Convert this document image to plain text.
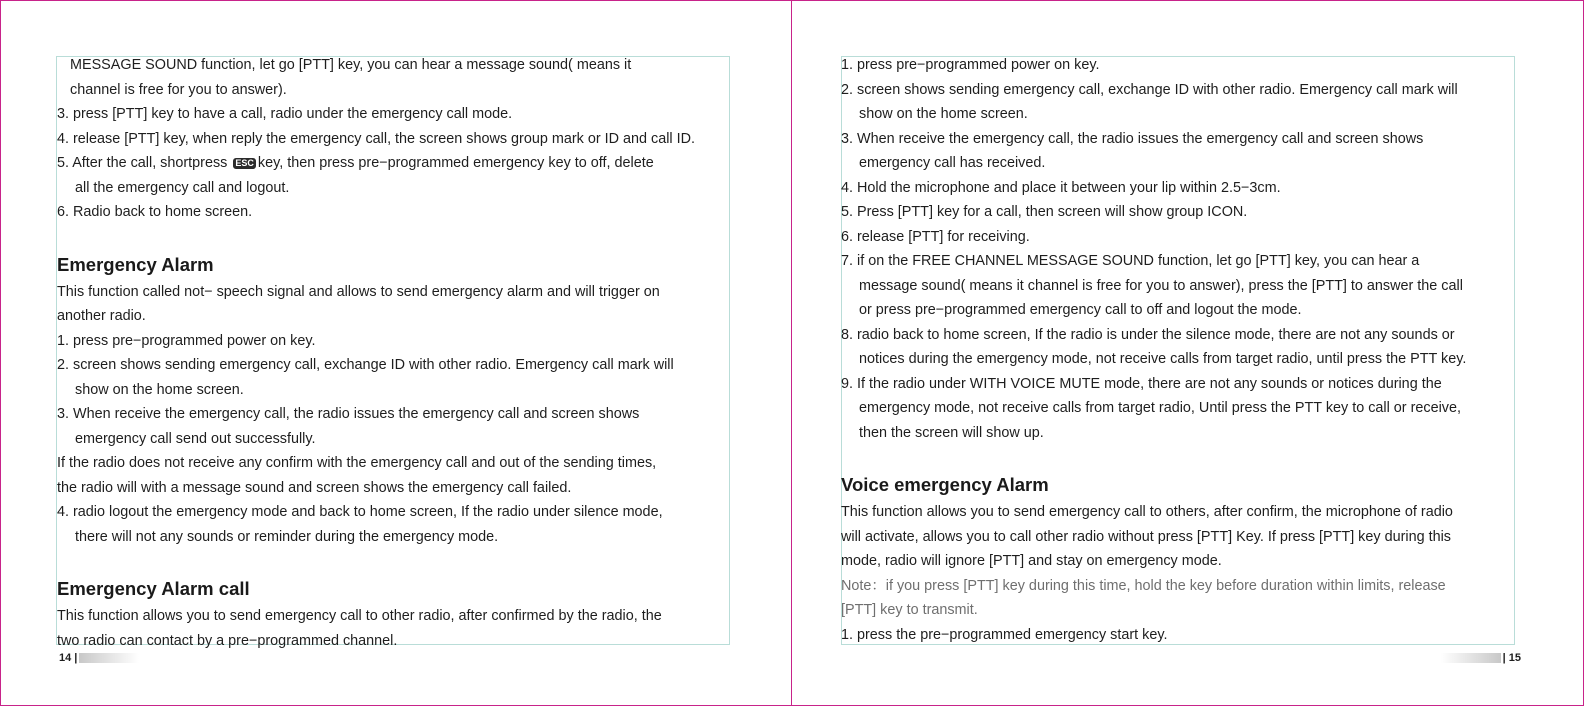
MESSAGE SOUND function, let go [PTT] key, you can hear a message sound( means it
channel is free for you to answer).
3. press [PTT] key to have a call, radio under the emergency call mode.
4. release [PTT] key, when reply the emergency call, the screen shows group mark or ID and call ID.
5. After the call, shortpress ESC key, then press pre−programmed emergency key to off, delete
all the emergency call and logout.
6. Radio back to home screen.
Emergency Alarm
This function called not− speech signal and allows to send emergency alarm and will trigger on
another radio.
1. press pre−programmed power on key.
2. screen shows sending emergency call, exchange ID with other radio. Emergency call mark will
show on the home screen.
3. When receive the emergency call, the radio issues the emergency call and screen shows
emergency call send out successfully.
If the radio does not receive any confirm with the emergency call and out of the sending times,
the radio will with a message sound and screen shows the emergency call failed.
4. radio logout the emergency mode and back to home screen, If the radio under silence mode,
there will not any sounds or reminder during the emergency mode.
Emergency Alarm call
This function allows you to send emergency call to other radio, after confirmed by the radio, the
two radio can contact by a pre−programmed channel.
14 |
1. press pre−programmed power on key.
2. screen shows sending emergency call, exchange ID with other radio. Emergency call mark will
show on the home screen.
3. When receive the emergency call, the radio issues the emergency call and screen shows
emergency call has received.
4. Hold the microphone and place it between your lip within 2.5−3cm.
5. Press [PTT] key for a call, then screen will show group ICON.
6. release [PTT] for receiving.
7. if on the FREE CHANNEL MESSAGE SOUND function, let go [PTT] key, you can hear a
message sound( means it channel is free for you to answer), press the [PTT] to answer the call
or press pre−programmed emergency call to off and logout the mode.
8. radio back to home screen, If the radio is under the silence mode, there are not any sounds or
notices during the emergency mode, not receive calls from target radio, until press the PTT key.
9. If the radio under WITH VOICE MUTE mode, there are not any sounds or notices during the
emergency mode, not receive calls from target radio, Until press the PTT key to call or receive,
then the screen will show up.
Voice emergency Alarm
This function allows you to send emergency call to others, after confirm, the microphone of radio
will activate, allows you to call other radio without press [PTT] Key. If press [PTT] key during this
mode, radio will ignore [PTT] and stay on emergency mode.
Note：if you press [PTT] key during this time, hold the key before duration within limits, release
[PTT] key to transmit.
1. press the pre−programmed emergency start key.
| 15
